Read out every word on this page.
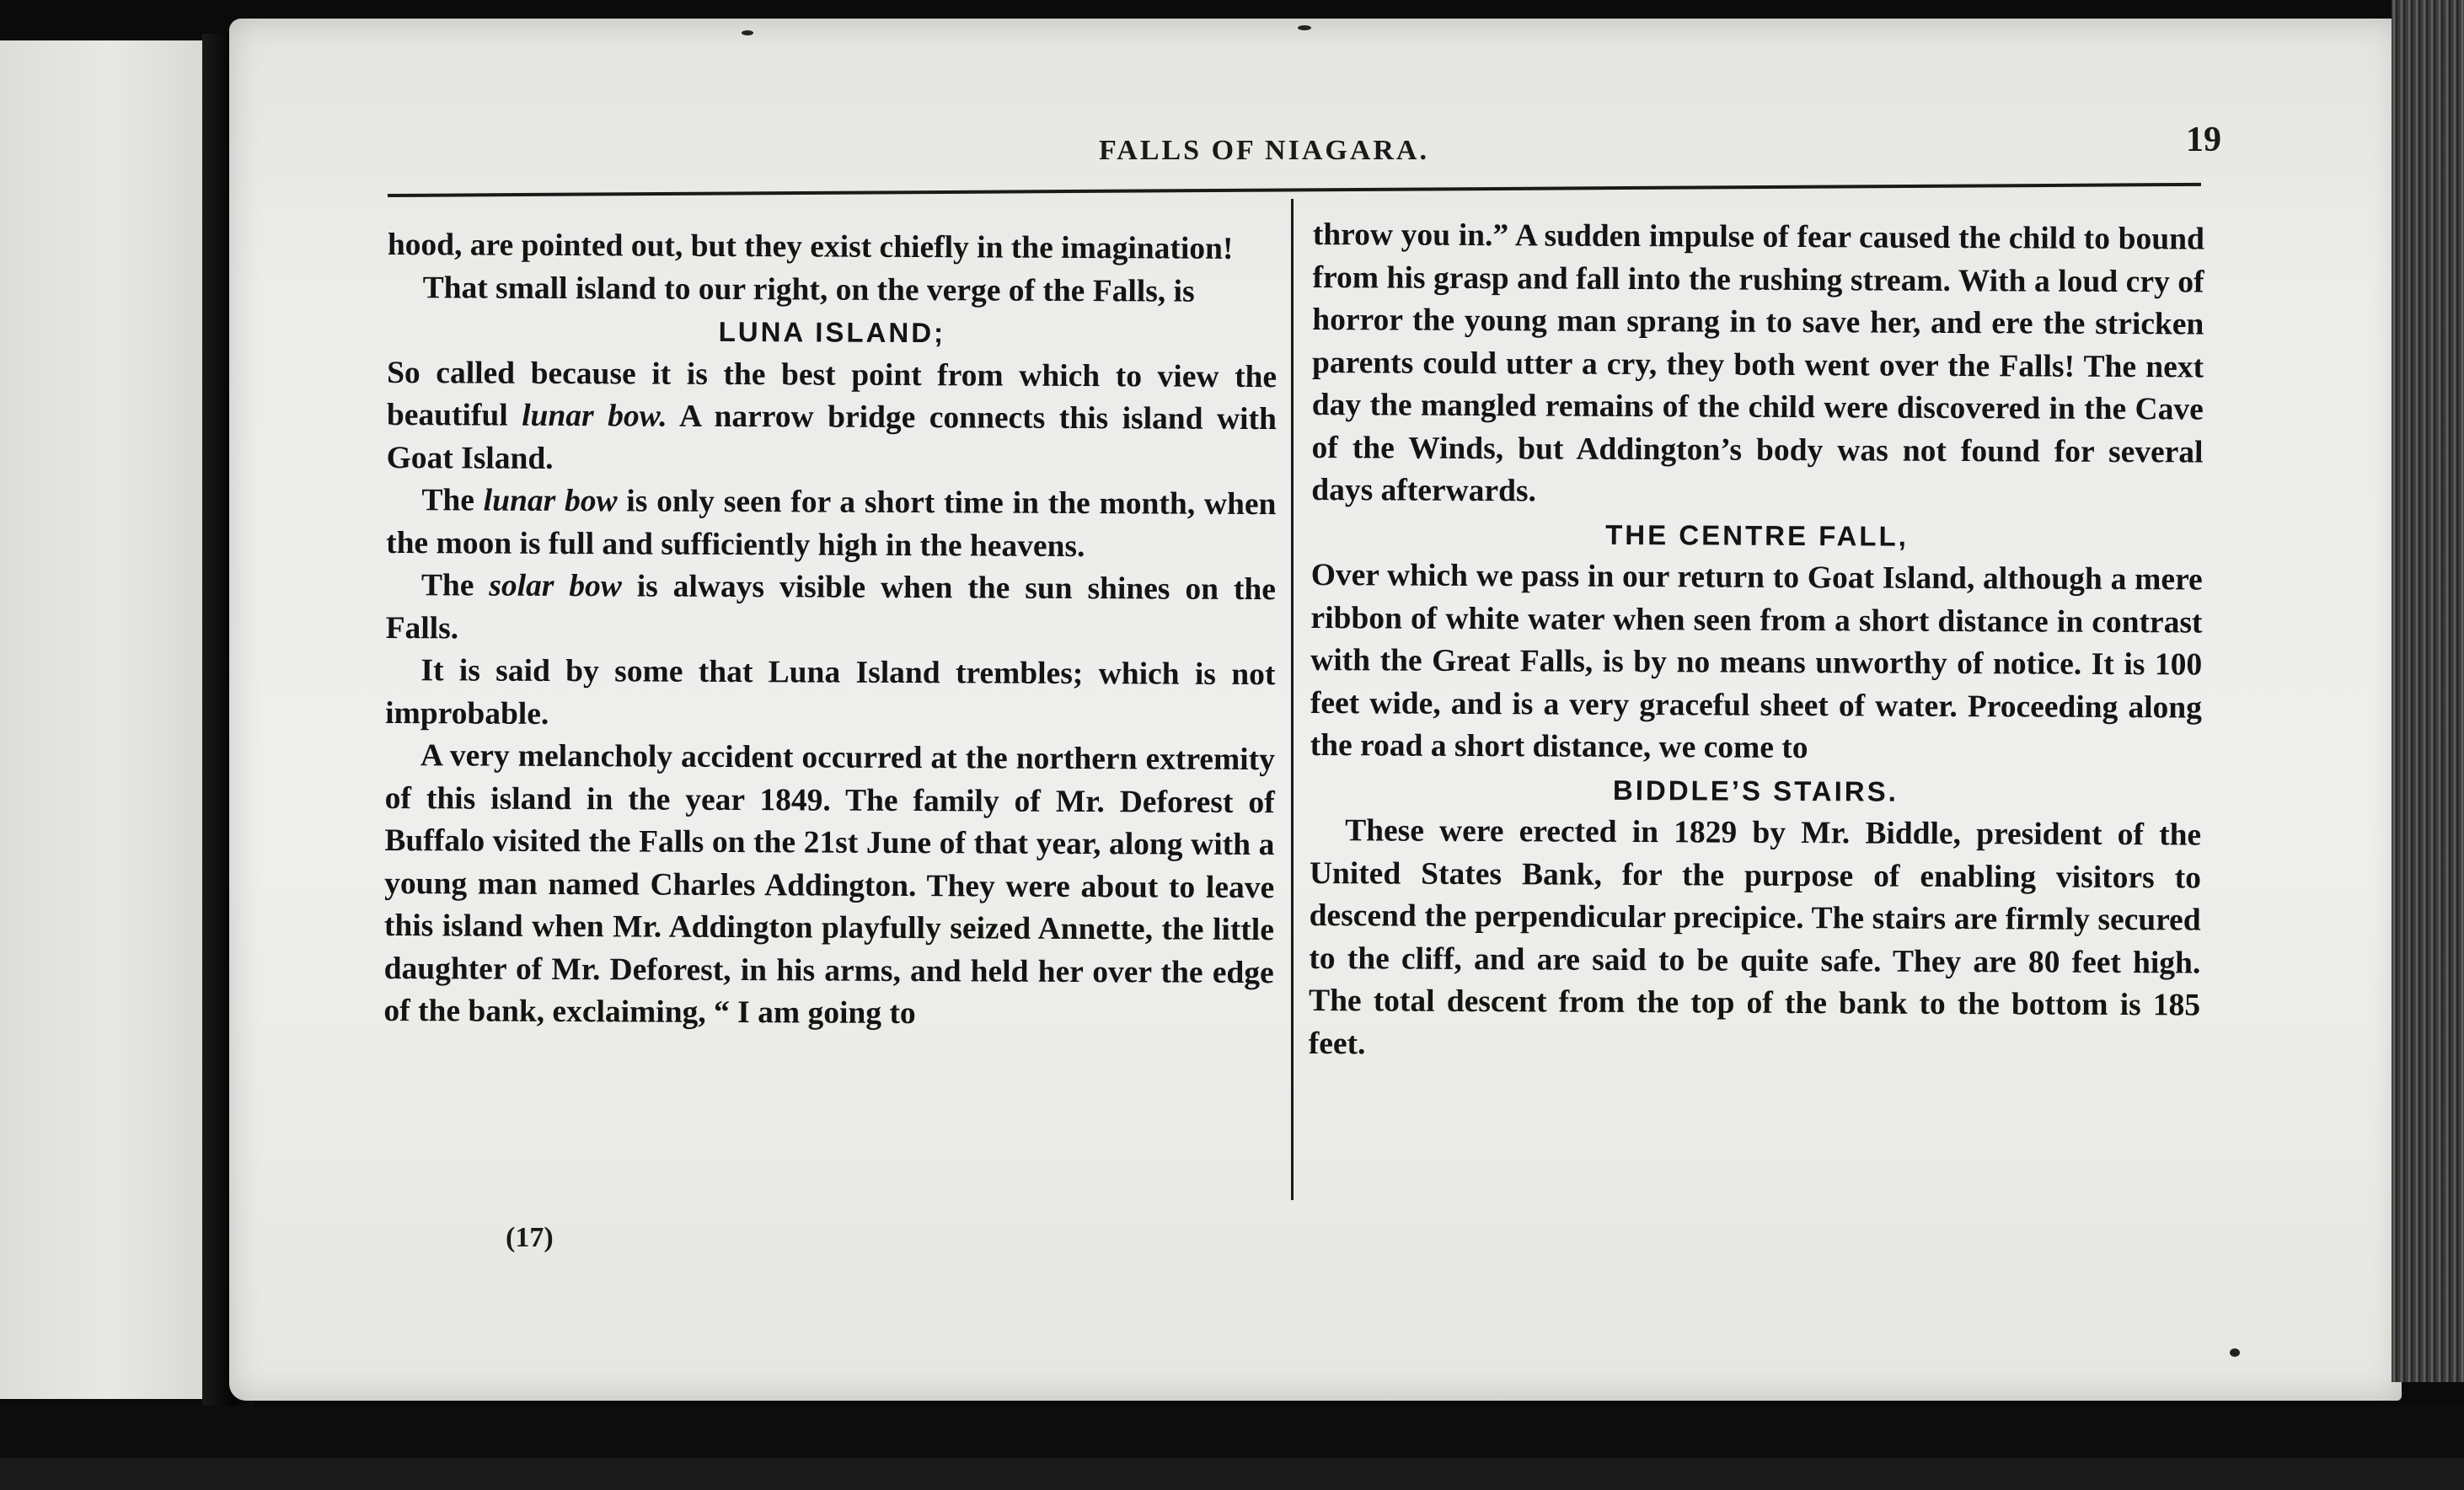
FALLS OF NIAGARA.	19

hood, are pointed out, but they exist chiefly in the imagination!

That small island to our right, on the verge of the Falls, is

LUNA ISLAND;

So called because it is the best point from which to view the beautiful lunar bow. A narrow bridge connects this island with Goat Island.

The lunar bow is only seen for a short time in the month, when the moon is full and sufficiently high in the heavens.

The solar bow is always visible when the sun shines on the Falls.

It is said by some that Luna Island trembles; which is not improbable.

A very melancholy accident occurred at the northern extremity of this island in the year 1849. The family of Mr. Deforest of Buffalo visited the Falls on the 21st June of that year, along with a young man named Charles Addington. They were about to leave this island when Mr. Addington playfully seized Annette, the little daughter of Mr. Deforest, in his arms, and held her over the edge of the bank, exclaiming, “ I am going to

throw you in.” A sudden impulse of fear caused the child to bound from his grasp and fall into the rushing stream. With a loud cry of horror the young man sprang in to save her, and ere the stricken parents could utter a cry, they both went over the Falls! The next day the mangled remains of the child were discovered in the Cave of the Winds, but Addington’s body was not found for several days afterwards.

THE CENTRE FALL,

Over which we pass in our return to Goat Island, although a mere ribbon of white water when seen from a short distance in contrast with the Great Falls, is by no means unworthy of notice. It is 100 feet wide, and is a very graceful sheet of water. Proceeding along the road a short distance, we come to

BIDDLE’S STAIRS.

These were erected in 1829 by Mr. Biddle, president of the United States Bank, for the purpose of enabling visitors to descend the perpendicular precipice. The stairs are firmly secured to the cliff, and are said to be quite safe. They are 80 feet high. The total descent from the top of the bank to the bottom is 185 feet.

(17)
